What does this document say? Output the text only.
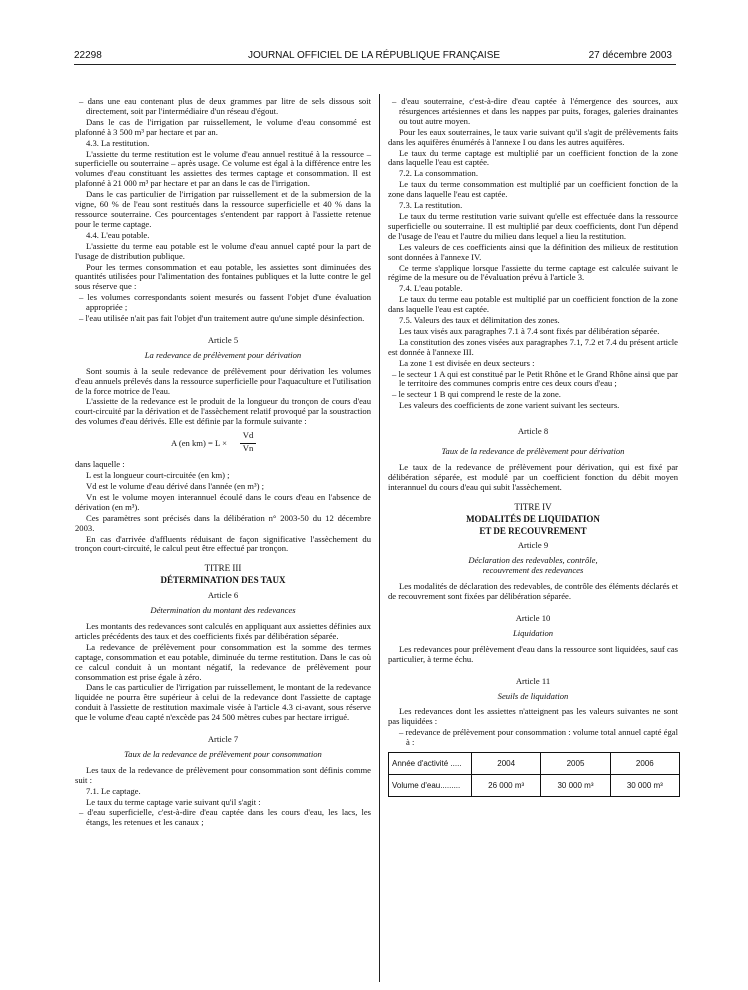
22298	JOURNAL OFFICIEL DE LA RÉPUBLIQUE FRANÇAISE	27 décembre 2003

– dans une eau contenant plus de deux grammes par litre de sels dissous soit directement, soit par l'intermédiaire d'un réseau d'égout.

Dans le cas de l'irrigation par ruissellement, le volume d'eau consommé est plafonné à 3 500 m³ par hectare et par an.

4.3. La restitution.

L'assiette du terme restitution est le volume d'eau annuel restitué à la ressource – superficielle ou souterraine – après usage. Ce volume est égal à la différence entre les volumes d'eau constituant les assiettes des termes captage et consommation. Il est plafonné à 21 000 m³ par hectare et par an dans le cas de l'irrigation.

Dans le cas particulier de l'irrigation par ruissellement et de la submersion de la vigne, 60 % de l'eau sont restitués dans la ressource superficielle et 40 % dans la ressource souterraine. Ces pourcentages s'entendent par rapport à l'assiette retenue pour le terme captage.

4.4. L'eau potable.

L'assiette du terme eau potable est le volume d'eau annuel capté pour la part de l'usage de distribution publique.

Pour les termes consommation et eau potable, les assiettes sont diminuées des quantités utilisées pour l'alimentation des fontaines publiques et la lutte contre le gel sous réserve que :

– les volumes correspondants soient mesurés ou fassent l'objet d'une évaluation appropriée ;

– l'eau utilisée n'ait pas fait l'objet d'un traitement autre qu'une simple désinfection.

Article 5

La redevance de prélèvement pour dérivation

Sont soumis à la seule redevance de prélèvement pour dérivation les volumes d'eau annuels prélevés dans la ressource superficielle pour l'aquaculture et l'utilisation de la force motrice de l'eau.

L'assiette de la redevance est le produit de la longueur du tronçon de cours d'eau court-circuité par la dérivation et de l'assèchement relatif provoqué par la soustraction des volumes d'eau dérivés. Elle est définie par la formule suivante :

A (en km) = L ×
Vd
Vn

dans laquelle :

L est la longueur court-circuitée (en km) ;

Vd est le volume d'eau dérivé dans l'année (en m³) ;

Vn est le volume moyen interannuel écoulé dans le cours d'eau en l'absence de dérivation (en m³).

Ces paramètres sont précisés dans la délibération n° 2003-50 du 12 décembre 2003.

En cas d'arrivée d'affluents réduisant de façon significative l'assèchement du tronçon court-circuité, le calcul peut être effectué par tronçon.

TITRE III

DÉTERMINATION DES TAUX

Article 6

Détermination du montant des redevances

Les montants des redevances sont calculés en appliquant aux assiettes définies aux articles précédents des taux et des coefficients fixés par délibération séparée.

La redevance de prélèvement pour consommation est la somme des termes captage, consommation et eau potable, diminuée du terme restitution. Dans le cas où ce calcul conduit à un montant négatif, la redevance de prélèvement pour consommation est prise égale à zéro.

Dans le cas particulier de l'irrigation par ruissellement, le montant de la redevance liquidée ne pourra être supérieur à celui de la redevance dont l'assiette de captage conduit à l'assiette de restitution maximale visée à l'article 4.3 ci-avant, sous réserve que le volume d'eau capté n'excède pas 24 500 mètres cubes par hectare irrigué.

Article 7

Taux de la redevance de prélèvement pour consommation

Les taux de la redevance de prélèvement pour consommation sont définis comme suit :

7.1. Le captage.

Le taux du terme captage varie suivant qu'il s'agit :

– d'eau superficielle, c'est-à-dire d'eau captée dans les cours d'eau, les lacs, les étangs, les retenues et les canaux ;

– d'eau souterraine, c'est-à-dire d'eau captée à l'émergence des sources, aux résurgences artésiennes et dans les nappes par puits, forages, galeries drainantes ou tout autre moyen.

Pour les eaux souterraines, le taux varie suivant qu'il s'agit de prélèvements faits dans les aquifères énumérés à l'annexe I ou dans les autres aquifères.

Le taux du terme captage est multiplié par un coefficient fonction de la zone dans laquelle l'eau est captée.

7.2. La consommation.

Le taux du terme consommation est multiplié par un coefficient fonction de la zone dans laquelle l'eau est captée.

7.3. La restitution.

Le taux du terme restitution varie suivant qu'elle est effectuée dans la ressource superficielle ou souterraine. Il est multiplié par deux coefficients, dont l'un dépend de l'usage de l'eau et l'autre du milieu dans lequel a lieu la restitution.

Les valeurs de ces coefficients ainsi que la définition des milieux de restitution sont données à l'annexe IV.

Ce terme s'applique lorsque l'assiette du terme captage est calculée suivant le régime de la mesure ou de l'évaluation prévu à l'article 3.

7.4. L'eau potable.

Le taux du terme eau potable est multiplié par un coefficient fonction de la zone dans laquelle l'eau est captée.

7.5. Valeurs des taux et délimitation des zones.

Les taux visés aux paragraphes 7.1 à 7.4 sont fixés par délibération séparée.

La constitution des zones visées aux paragraphes 7.1, 7.2 et 7.4 du présent article est donnée à l'annexe III.

La zone 1 est divisée en deux secteurs :

– le secteur 1 A qui est constitué par le Petit Rhône et le Grand Rhône ainsi que par le territoire des communes compris entre ces deux cours d'eau ;

– le secteur 1 B qui comprend le reste de la zone.

Les valeurs des coefficients de zone varient suivant les secteurs.

Article 8

Taux de la redevance de prélèvement pour dérivation

Le taux de la redevance de prélèvement pour dérivation, qui est fixé par délibération séparée, est modulé par un coefficient fonction du débit moyen interannuel du cours d'eau qui subit l'assèchement.

TITRE IV

MODALITÉS DE LIQUIDATION

ET DE RECOUVREMENT

Article 9

Déclaration des redevables, contrôle,

recouvrement des redevances

Les modalités de déclaration des redevables, de contrôle des éléments déclarés et de recouvrement sont fixées par délibération séparée.

Article 10

Liquidation

Les redevances pour prélèvement d'eau dans la ressource sont liquidées, sauf cas particulier, à terme échu.

Article 11

Seuils de liquidation

Les redevances dont les assiettes n'atteignent pas les valeurs suivantes ne sont pas liquidées :

– redevance de prélèvement pour consommation : volume total annuel capté égal à :

Année d'activité .....	2004	2005	2006
Volume d'eau.........	26 000 m³	30 000 m³	30 000 m³
